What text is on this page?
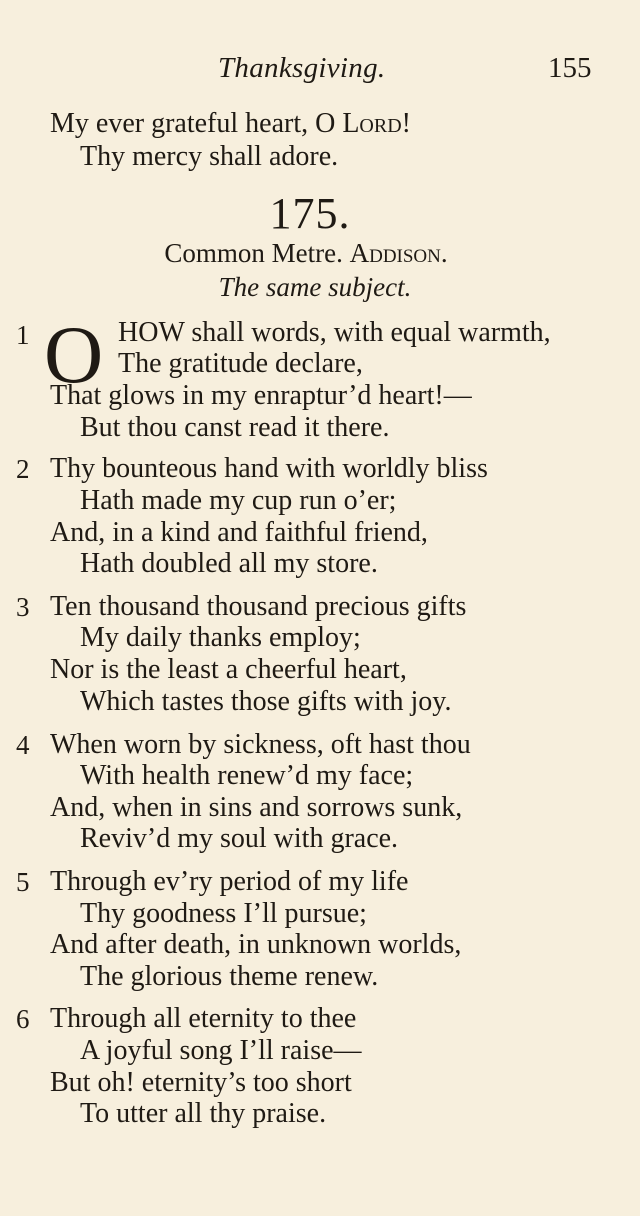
Thanksgiving.	155
My ever grateful heart, O Lord!
Thy mercy shall adore.
175.
Common Metre. Addison.
The same subject.
1 O HOW shall words, with equal warmth,
The gratitude declare,
That glows in my enraptur’d heart!—
But thou canst read it there.
2 Thy bounteous hand with worldly bliss
Hath made my cup run o’er;
And, in a kind and faithful friend,
Hath doubled all my store.
3 Ten thousand thousand precious gifts
My daily thanks employ;
Nor is the least a cheerful heart,
Which tastes those gifts with joy.
4 When worn by sickness, oft hast thou
With health renew’d my face;
And, when in sins and sorrows sunk,
Reviv’d my soul with grace.
5 Through ev’ry period of my life
Thy goodness I’ll pursue;
And after death, in unknown worlds,
The glorious theme renew.
6 Through all eternity to thee
A joyful song I’ll raise—
But oh! eternity’s too short
To utter all thy praise.
